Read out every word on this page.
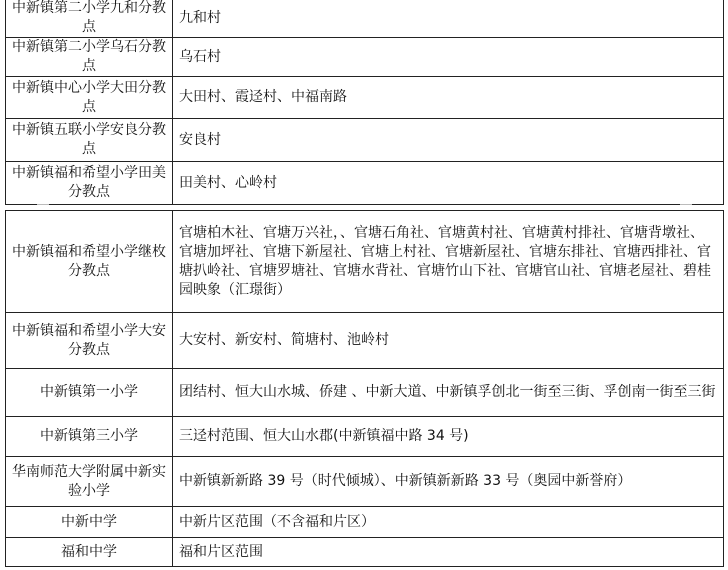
中新镇第二小学九和分教点	九和村
中新镇第二小学乌石分教点	乌石村
中新镇中心小学大田分教点	大田村、霞迳村、中福南路
中新镇五联小学安良分教点	安良村
中新镇福和希望小学田美分教点	田美村、心岭村
中新镇福和希望小学继枚分教点	官塘柏木社、官塘万兴社，、官塘石角社、官塘黄村社、官塘黄村排社、官塘背墩社、官塘加坪社、官塘下新屋社、官塘上村社、官塘新屋社、官塘东排社、官塘西排社、官塘扒岭社、官塘罗塘社、官塘水背社、官塘竹山下社、官塘官山社、官塘老屋社、碧桂园映象（汇璟街）
中新镇福和希望小学大安分教点	大安村、新安村、简塘村、池岭村
中新镇第一小学	团结村、恒大山水城、侨建 、中新大道、中新镇孚创北一街至三街、孚创南一街至三街
中新镇第三小学	三迳村范围、恒大山水郡(中新镇福中路 34 号)
华南师范大学附属中新实验小学	中新镇新新路 39 号（时代倾城）、中新镇新新路 33 号（奥园中新誉府）
中新中学	中新片区范围（不含福和片区）
福和中学	福和片区范围
